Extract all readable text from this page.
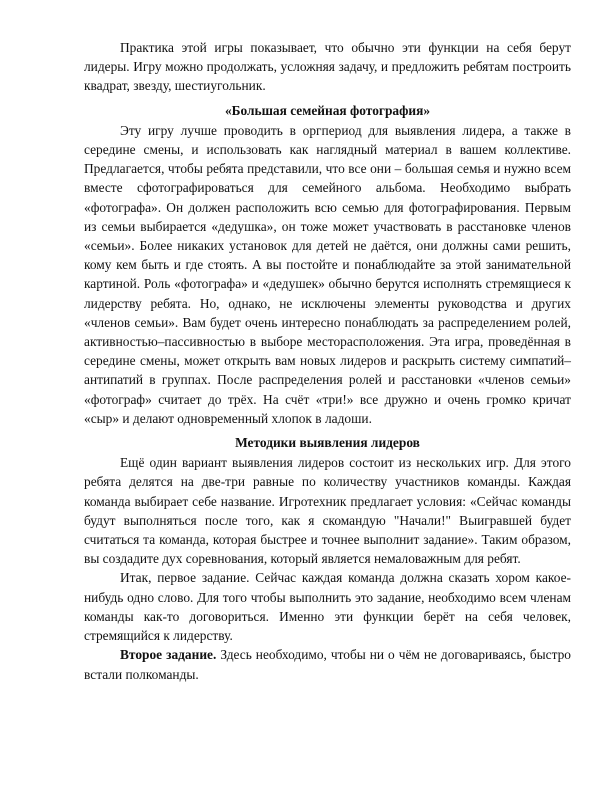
Практика этой игры показывает, что обычно эти функции на себя берут лидеры. Игру можно продолжать, усложняя задачу, и предложить ребятам построить квадрат, звезду, шестиугольник.

«Большая семейная фотография»

Эту игру лучше проводить в оргпериод для выявления лидера, а также в середине смены, и использовать как наглядный материал в вашем коллективе. Предлагается, чтобы ребята представили, что все они – большая семья и нужно всем вместе сфотографироваться для семейного альбома. Необходимо выбрать «фотографа». Он должен расположить всю семью для фотографирования. Первым из семьи выбирается «дедушка», он тоже может участвовать в расстановке членов «семьи». Более никаких установок для детей не даётся, они должны сами решить, кому кем быть и где стоять. А вы постойте и понаблюдайте за этой занимательной картиной. Роль «фотографа» и «дедушек» обычно берутся исполнять стремящиеся к лидерству ребята. Но, однако, не исключены элементы руководства и других «членов семьи». Вам будет очень интересно понаблюдать за распределением ролей, активностью–пассивностью в выборе месторасположения. Эта игра, проведённая в середине смены, может открыть вам новых лидеров и раскрыть систему симпатий–антипатий в группах. После распределения ролей и расстановки «членов семьи» «фотограф» считает до трёх. На счёт «три!» все дружно и очень громко кричат «сыр» и делают одновременный хлопок в ладоши.

Методики выявления лидеров

Ещё один вариант выявления лидеров состоит из нескольких игр. Для этого ребята делятся на две-три равные по количеству участников команды. Каждая команда выбирает себе название. Игротехник предлагает условия: «Сейчас команды будут выполняться после того, как я скомандую "Начали!" Выигравшей будет считаться та команда, которая быстрее и точнее выполнит задание». Таким образом, вы создадите дух соревнования, который является немаловажным для ребят.

Итак, первое задание. Сейчас каждая команда должна сказать хором какое-нибудь одно слово. Для того чтобы выполнить это задание, необходимо всем членам команды как-то договориться. Именно эти функции берёт на себя человек, стремящийся к лидерству.

Второе задание. Здесь необходимо, чтобы ни о чём не договариваясь, быстро встали полкоманды.
